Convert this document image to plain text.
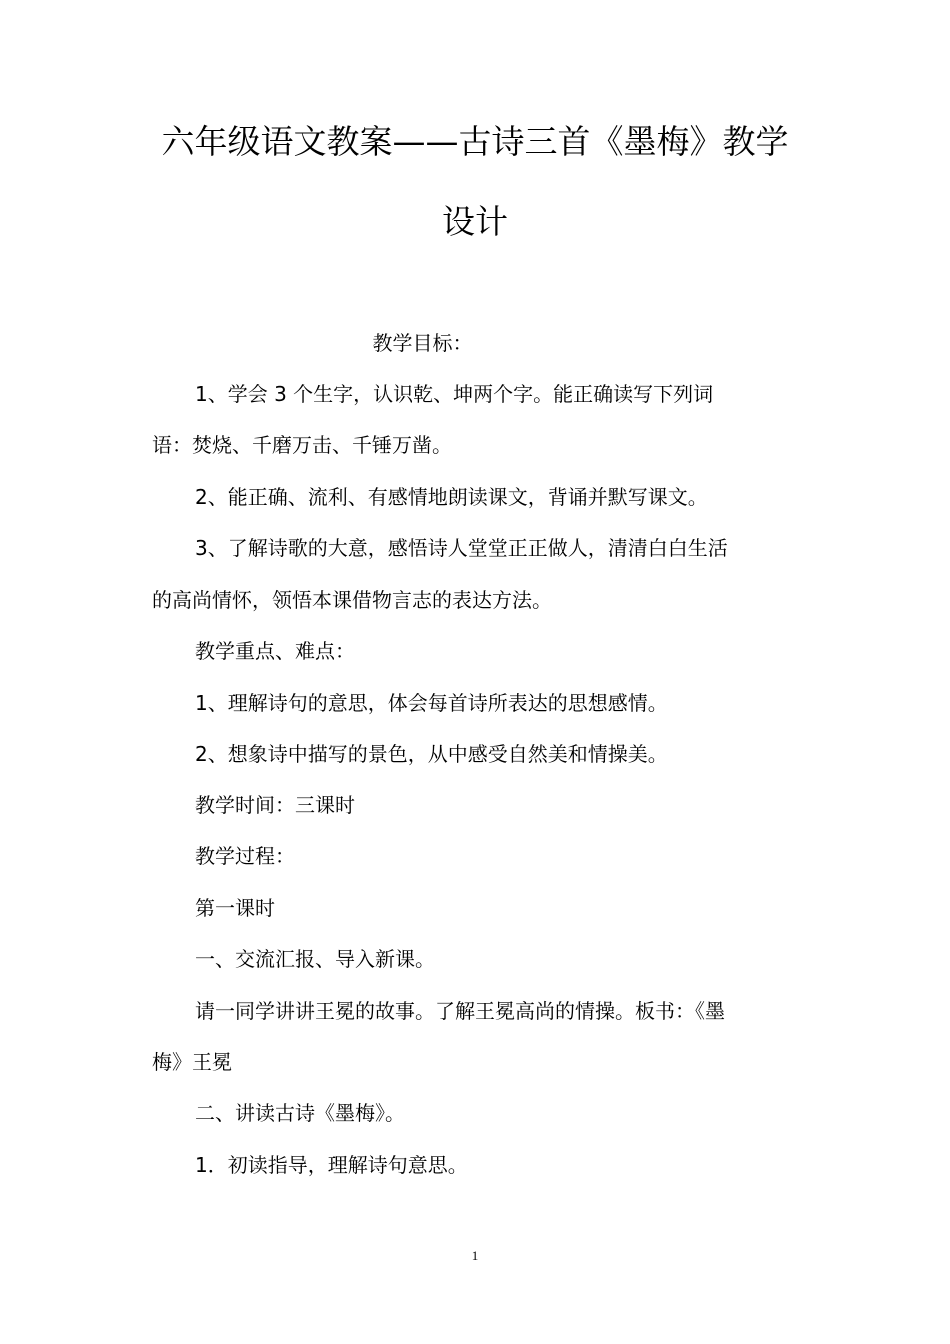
六年级语文教案——古诗三首《墨梅》教学
设计

教学目标：

1、学会 3 个生字，认识乾、坤两个字。能正确读写下列词

语：焚烧、千磨万击、千锤万凿。

2、能正确、流利、有感情地朗读课文，背诵并默写课文。

3、了解诗歌的大意，感悟诗人堂堂正正做人，清清白白生活

的高尚情怀，领悟本课借物言志的表达方法。

教学重点、难点：

1、理解诗句的意思，体会每首诗所表达的思想感情。

2、想象诗中描写的景色，从中感受自然美和情操美。

教学时间：三课时

教学过程：

第一课时

一、交流汇报、导入新课。

请一同学讲讲王冕的故事。了解王冕高尚的情操。板书：《墨

梅》王冕

二、讲读古诗《墨梅》。

1．初读指导，理解诗句意思。

1
